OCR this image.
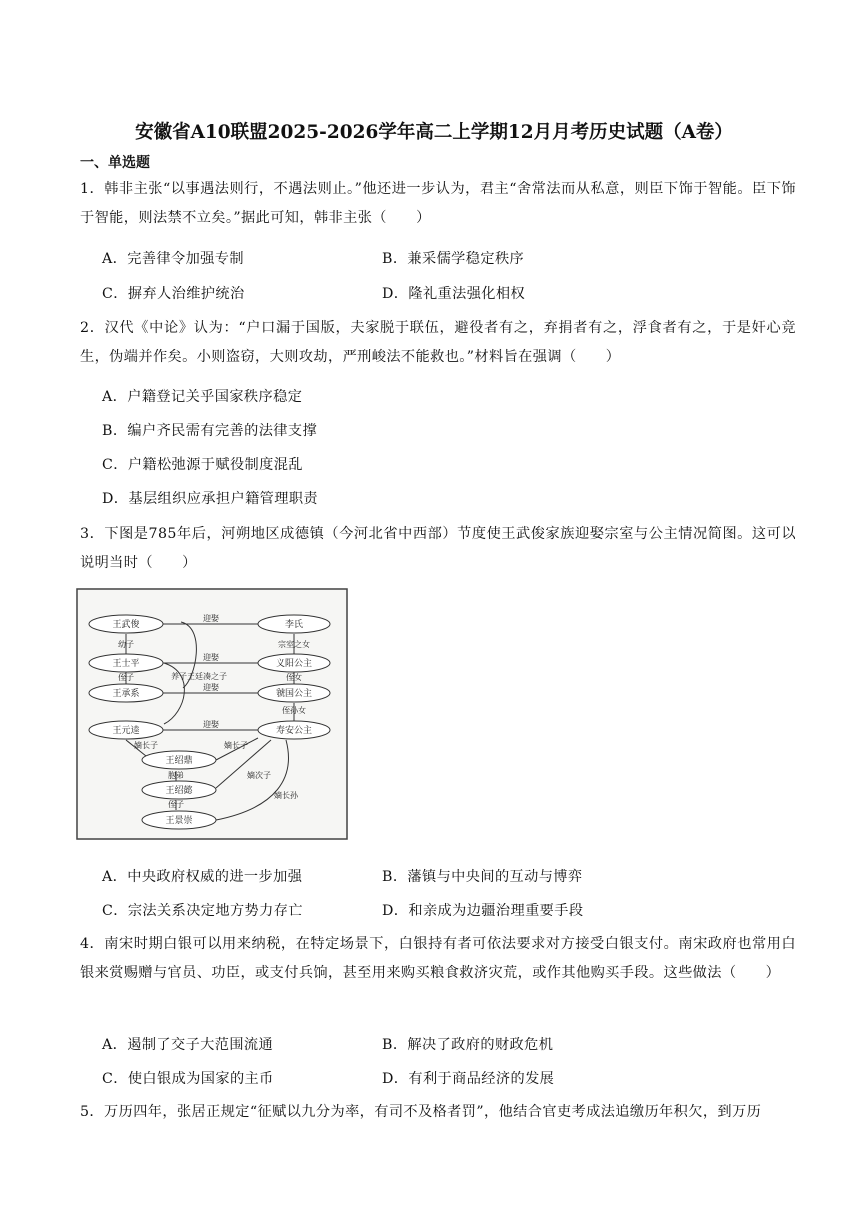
安徽省A10联盟2025-2026学年高二上学期12月月考历史试题（A卷）
一、单选题
1．韩非主张“以事遇法则行，不遇法则止。”他还进一步认为，君主“舍常法而从私意，则臣下饰于智能。臣下饰于智能，则法禁不立矣。”据此可知，韩非主张（　　）
A．完善律令加强专制	B．兼采儒学稳定秩序
C．摒弃人治维护统治	D．隆礼重法强化相权
2．汉代《中论》认为：“户口漏于国版，夫家脱于联伍，避役者有之，弃捐者有之，浮食者有之，于是奸心竞生，伪端并作矣。小则盗窃，大则攻劫，严刑峻法不能救也。”材料旨在强调（　　）
A．户籍登记关乎国家秩序稳定
B．编户齐民需有完善的法律支撑
C．户籍松弛源于赋役制度混乱
D．基层组织应承担户籍管理职责
3．下图是785年后，河朔地区成德镇（今河北省中西部）节度使王武俊家族迎娶宗室与公主情况简图。这可以说明当时（　　）
王武俊
王士平
王承系
王元逵
王绍鼎
王绍懿
王景崇
李氏
义阳公主
虢国公主
寿安公主
迎娶
迎娶
迎娶
迎娶
幼子
侄子	养子王廷凑之子
宗室之女
侄女
侄孙女
嫡长子	嫡长子
胞弟	嫡次子
侄子
嫡长孙
A．中央政府权威的进一步加强	B．藩镇与中央间的互动与博弈
C．宗法关系决定地方势力存亡	D．和亲成为边疆治理重要手段
4．南宋时期白银可以用来纳税，在特定场景下，白银持有者可依法要求对方接受白银支付。南宋政府也常用白银来赏赐赠与官员、功臣，或支付兵饷，甚至用来购买粮食救济灾荒，或作其他购买手段。这些做法（　　）
A．遏制了交子大范围流通	B．解决了政府的财政危机
C．使白银成为国家的主币	D．有利于商品经济的发展
5．万历四年，张居正规定“征赋以九分为率，有司不及格者罚”，他结合官吏考成法追缴历年积欠，到万历
